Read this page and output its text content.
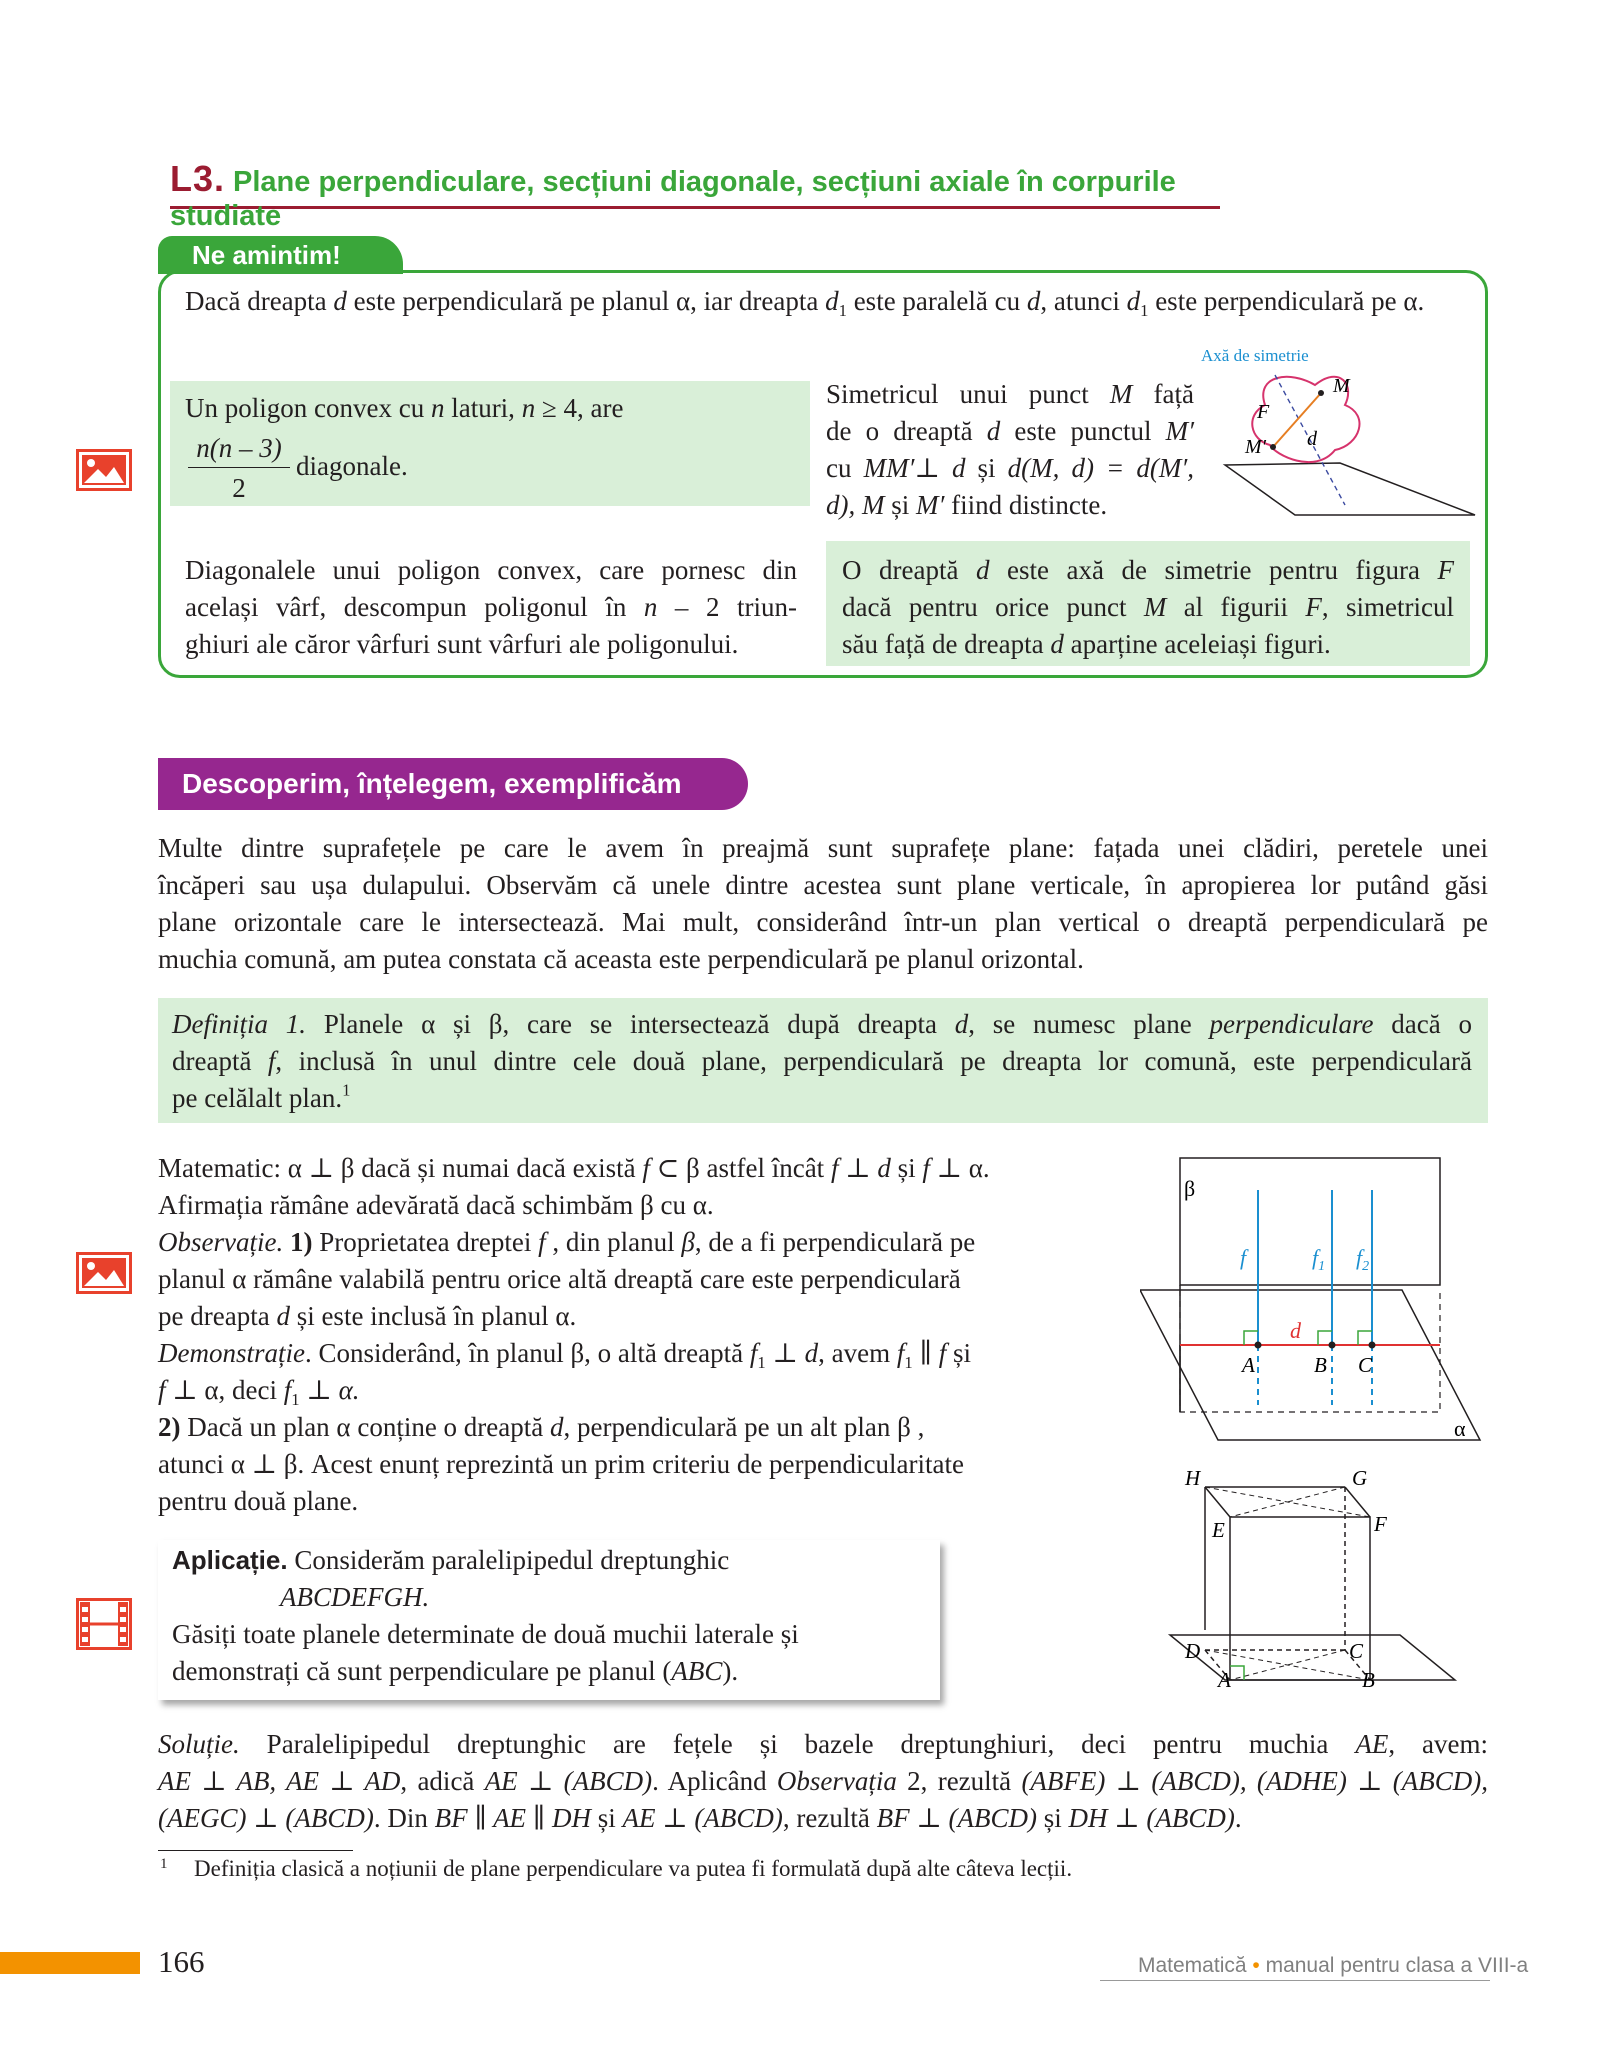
L3. Plane perpendiculare, secțiuni diagonale, secțiuni axiale în corpurile studiate
Ne amintim!
Dacă dreapta d este perpendiculară pe planul α, iar dreapta $d_1$ este paralelă cu d, atunci $d_1$ este perpendiculară pe α.
Un poligon convex cu n laturi, n ≥ 4, are
n(n – 3)
2
diagonale.
Simetricul unui punct M față
de o dreaptă d este punctul M′
cu MM′⊥ d și d(M, d) = d(M′,
d), M și M′ fiind distincte.
Axă de simetrie
M
F
M′ d
Diagonalele unui poligon convex, care pornesc din
același vârf, descompun poligonul în n – 2 triun-
ghiuri ale căror vârfuri sunt vârfuri ale poligonului.
O dreaptă d este axă de simetrie pentru figura F
dacă pentru orice punct M al figurii F, simetricul
său față de dreapta d aparține aceleiași figuri.
Descoperim, înțelegem, exemplificăm
Multe dintre suprafețele pe care le avem în preajmă sunt suprafețe plane: fațada unei clădiri, peretele unei
încăperi sau ușa dulapului. Observăm că unele dintre acestea sunt plane verticale, în apropierea lor putând găsi
plane orizontale care le intersectează. Mai mult, considerând într-un plan vertical o dreaptă perpendiculară pe
muchia comună, am putea constata că aceasta este perpendiculară pe planul orizontal.
Definiția 1. Planele α și β, care se intersectează după dreapta d, se numesc plane perpendiculare dacă o
dreaptă f, inclusă în unul dintre cele două plane, perpendiculară pe dreapta lor comună, este perpendiculară
pe celălalt plan.$^1$
Matematic: α ⊥ β dacă și numai dacă există f ⊂ β astfel încât f ⊥ d și f ⊥ α.
Afirmația rămâne adevărată dacă schimbăm β cu α.
Observație. 1) Proprietatea dreptei f , din planul β, de a fi perpendiculară pe
planul α rămâne valabilă pentru orice altă dreaptă care este perpendiculară
pe dreapta d și este inclusă în planul α.
Demonstrație. Considerând, în planul β, o altă dreaptă $f_1$ ⊥ d, avem $f_1$ ∥ f și
f ⊥ α, deci $f_1$ ⊥ α.
2) Dacă un plan α conține o dreaptă d, perpendiculară pe un alt plan β ,
atunci α ⊥ β. Acest enunț reprezintă un prim criteriu de perpendicularitate
pentru două plane.
β
α
f	$f_1$ $f_2$
d
A	B C
H	G
E	F
D	C
A	B
Aplicație. Considerăm paralelipipedul dreptunghic
ABCDEFGH.
Găsiți toate planele determinate de două muchii laterale și
demonstrați că sunt perpendiculare pe planul (ABC).
Soluție. Paralelipipedul dreptunghic are fețele și bazele dreptunghiuri, deci pentru muchia AE, avem:
AE ⊥ AB, AE ⊥ AD, adică AE ⊥ (ABCD). Aplicând Observația 2, rezultă (ABFE) ⊥ (ABCD), (ADHE) ⊥ (ABCD),
(AEGC) ⊥ (ABCD). Din BF ∥ AE ∥ DH și AE ⊥ (ABCD), rezultă BF ⊥ (ABCD) și DH ⊥ (ABCD).
1 Definiția clasică a noțiunii de plane perpendiculare va putea fi formulată după alte câteva lecții.
166	Matematică • manual pentru clasa a VIII-a
